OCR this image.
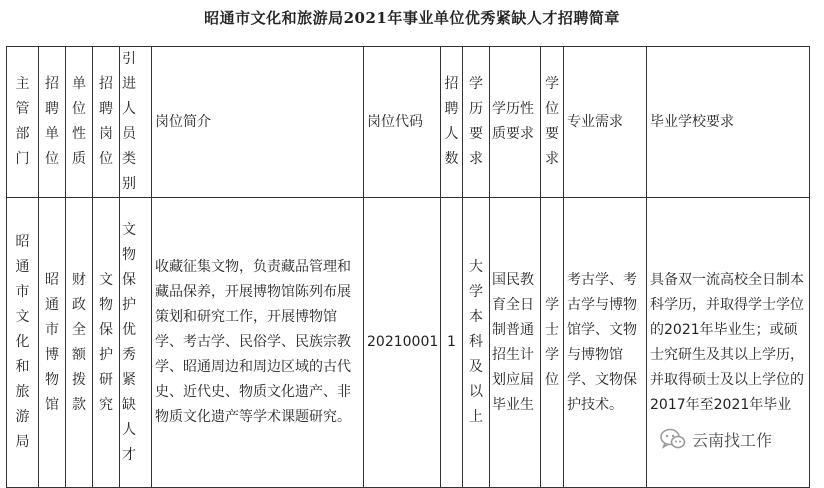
昭通市文化和旅游局2021年事业单位优秀紧缺人才招聘简章
主管部门	招聘单位	单位性质	招聘岗位	引进人员类别	岗位简介	岗位代码	招聘人数	学历要求	学历性质要求	学位要求	专业需求	毕业学校要求
昭通市文化和旅游局	昭通市博物馆	财政全额拨款	文物保护研究	文物保护优秀紧缺人才	收藏征集文物，负责藏品管理和藏品保养，开展博物馆陈列布展策划和研究工作，开展博物馆学、考古学、民俗学、民族宗教学、昭通周边和周边区域的古代史、近代史、物质文化遗产、非物质文化遗产等学术课题研究。	20210001	1	大学本科及以上	国民教育全日制普通招生计划应届毕业生	学士学位	考古学、考古学与博物馆学、文物与博物馆学、文物保护技术。	具备双一流高校全日制本科学历，并取得学士学位的2021年毕业生；或硕士究研生及其以上学历，并取得硕士及以上学位的2017年至2021年毕业
云南找工作
